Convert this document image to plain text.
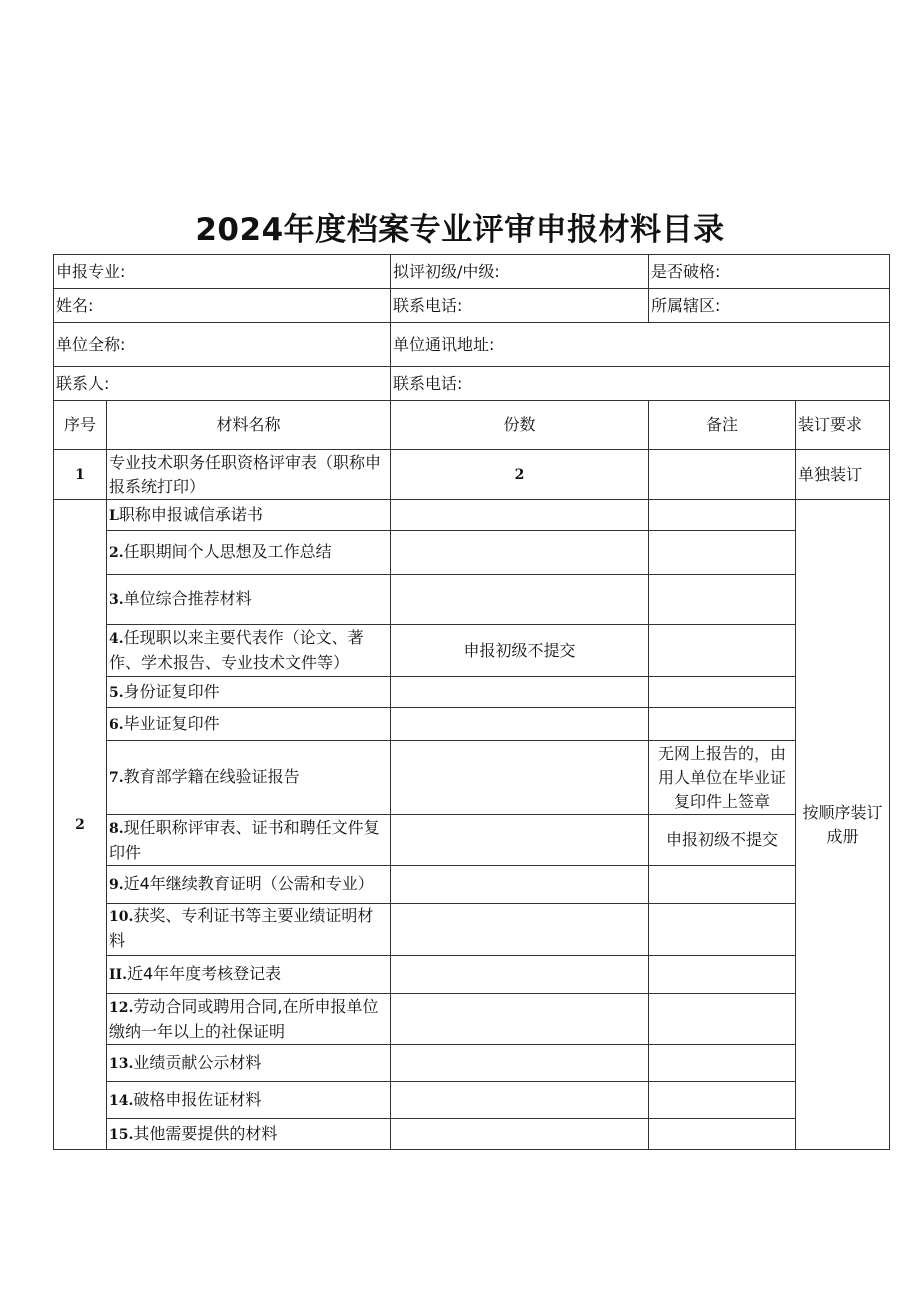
2024年度档案专业评审申报材料目录
申报专业:		拟评初级/中级:	是否破格:	
姓名:		联系电话:	所属辖区:	
单位全称:		单位通讯地址:		
联系人:		联系电话:		
序号	材料名称	份数	备注	装订要求
1	专业技术职务任职资格评审表（职称申报系统打印）	2		单独装订
2	L职称申报诚信承诺书			按顺序装订成册
	2.任职期间个人思想及工作总结			
	3.单位综合推荐材料			
	4.任现职以来主要代表作（论文、著作、学术报告、专业技术文件等）	申报初级不提交		
	5.身份证复印件			
	6.毕业证复印件			
	7.教育部学籍在线验证报告		无网上报告的，由用人单位在毕业证复印件上签章	
	8.现任职称评审表、证书和聘任文件复印件		申报初级不提交	
	9.近4年继续教育证明（公需和专业）			
	10.获奖、专利证书等主要业绩证明材料			
	II.近4年年度考核登记表			
	12.劳动合同或聘用合同,在所申报单位缴纳一年以上的社保证明			
	13.业绩贡献公示材料			
	14.破格申报佐证材料			
	15.其他需要提供的材料			
